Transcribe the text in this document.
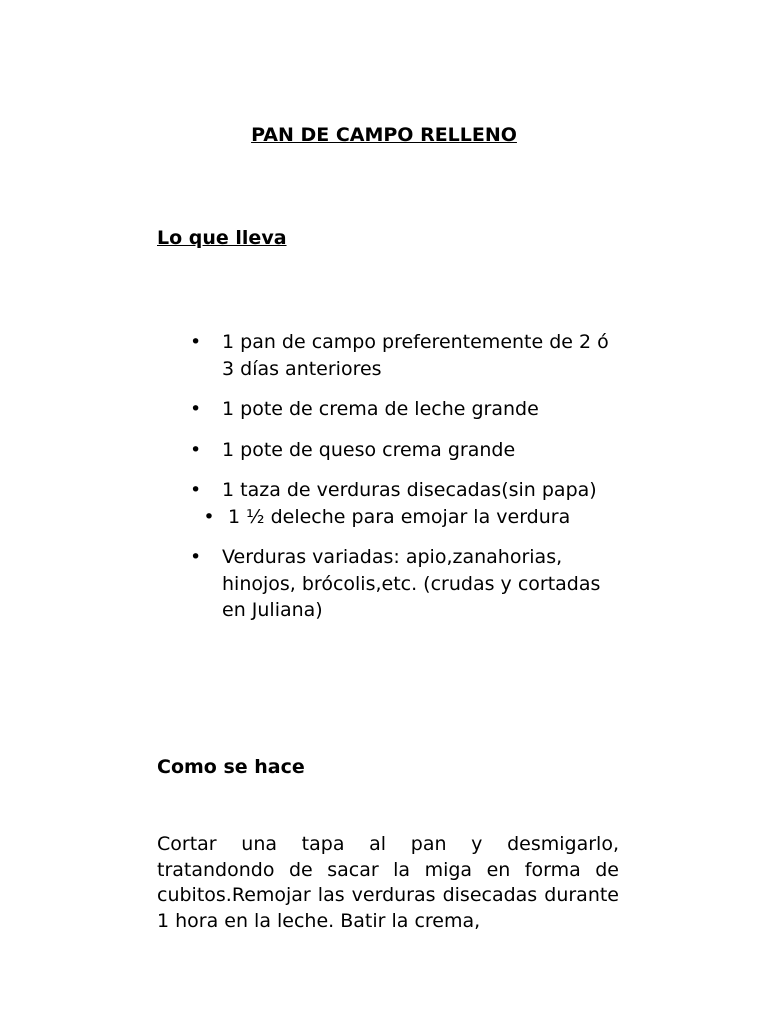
PAN DE CAMPO RELLENO
Lo que lleva
• 1 pan de campo preferentemente de 2 ó 3 días anteriores
• 1 pote de crema de leche grande
• 1 pote de queso crema grande
• 1 taza de verduras disecadas(sin papa)• 1 ½ deleche para emojar la verdura
• Verduras variadas: apio,zanahorias, hinojos, brócolis,etc. (crudas y cortadas en Juliana)
Como se hace

Cortar una tapa al pan y desmigarlo, tratandondo de sacar la miga en forma de cubitos.Remojar las verduras disecadas durante 1 hora en la leche. Batir la crema,
